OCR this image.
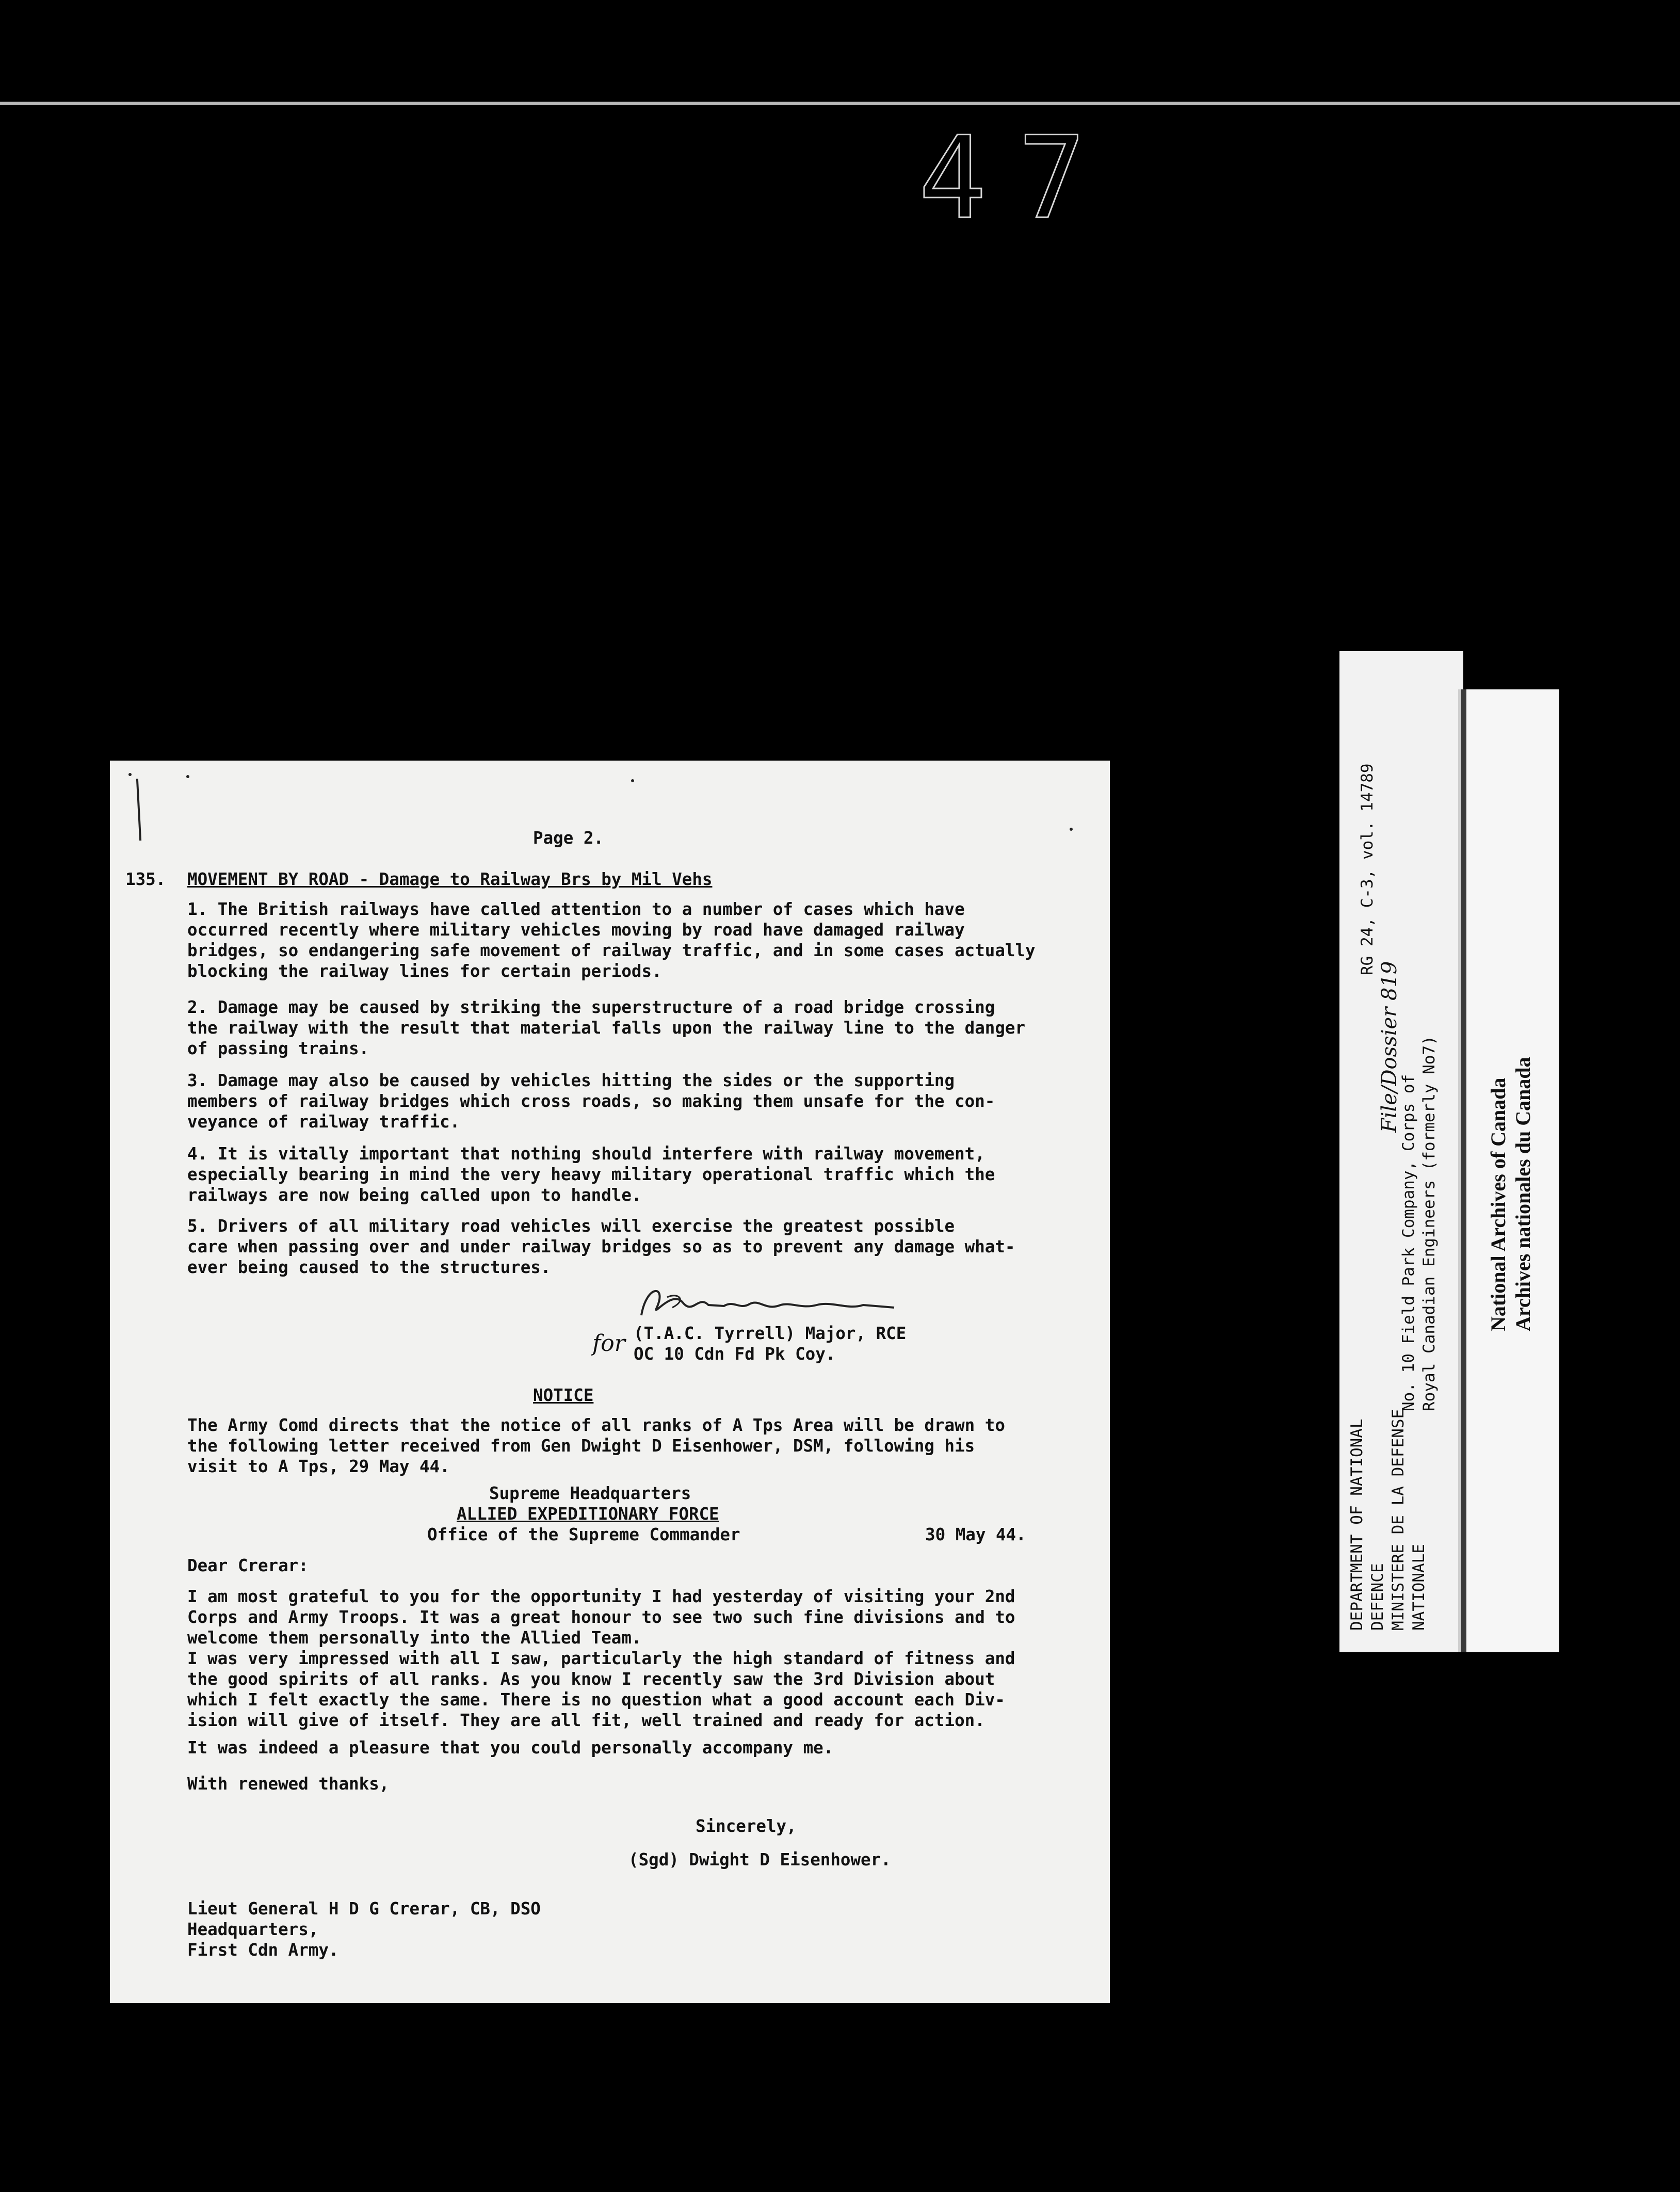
47
Page 2.
135. MOVEMENT BY ROAD - Damage to Railway Brs by Mil Vehs
1. The British railways have called attention to a number of cases which have
occurred recently where military vehicles moving by road have damaged railway
bridges, so endangering safe movement of railway traffic, and in some cases actually
blocking the railway lines for certain periods.
2. Damage may be caused by striking the superstructure of a road bridge crossing
the railway with the result that material falls upon the railway line to the danger
of passing trains.
3. Damage may also be caused by vehicles hitting the sides or the supporting
members of railway bridges which cross roads, so making them unsafe for the con-
veyance of railway traffic.
4. It is vitally important that nothing should interfere with railway movement,
especially bearing in mind the very heavy military operational traffic which the
railways are now being called upon to handle.
5. Drivers of all military road vehicles will exercise the greatest possible
care when passing over and under railway bridges so as to prevent any damage what-
ever being caused to the structures.
for (T.A.C. Tyrrell) Major, RCE
OC 10 Cdn Fd Pk Coy.
NOTICE
The Army Comd directs that the notice of all ranks of A Tps Area will be drawn to
the following letter received from Gen Dwight D Eisenhower, DSM, following his
visit to A Tps, 29 May 44.
Supreme Headquarters
ALLIED EXPEDITIONARY FORCE
Office of the Supreme Commander	30 May 44.
Dear Crerar:
I am most grateful to you for the opportunity I had yesterday of visiting your 2nd
Corps and Army Troops. It was a great honour to see two such fine divisions and to
welcome them personally into the Allied Team.
I was very impressed with all I saw, particularly the high standard of fitness and
the good spirits of all ranks. As you know I recently saw the 3rd Division about
which I felt exactly the same. There is no question what a good account each Div-
ision will give of itself. They are all fit, well trained and ready for action.
It was indeed a pleasure that you could personally accompany me.
With renewed thanks,
Sincerely,
(Sgd) Dwight D Eisenhower.
Lieut General H D G Crerar, CB, DSO
Headquarters,
First Cdn Army.
RG 24, C-3, vol. 14789
File/Dossier 819
No. 10 Field Park Company, Corps of Royal Canadian Engineers (formerly No7)
DEPARTMENT OF NATIONAL DEFENCE MINISTERE DE LA DEFENSE NATIONALE
National Archives of Canada
Archives nationales du Canada
